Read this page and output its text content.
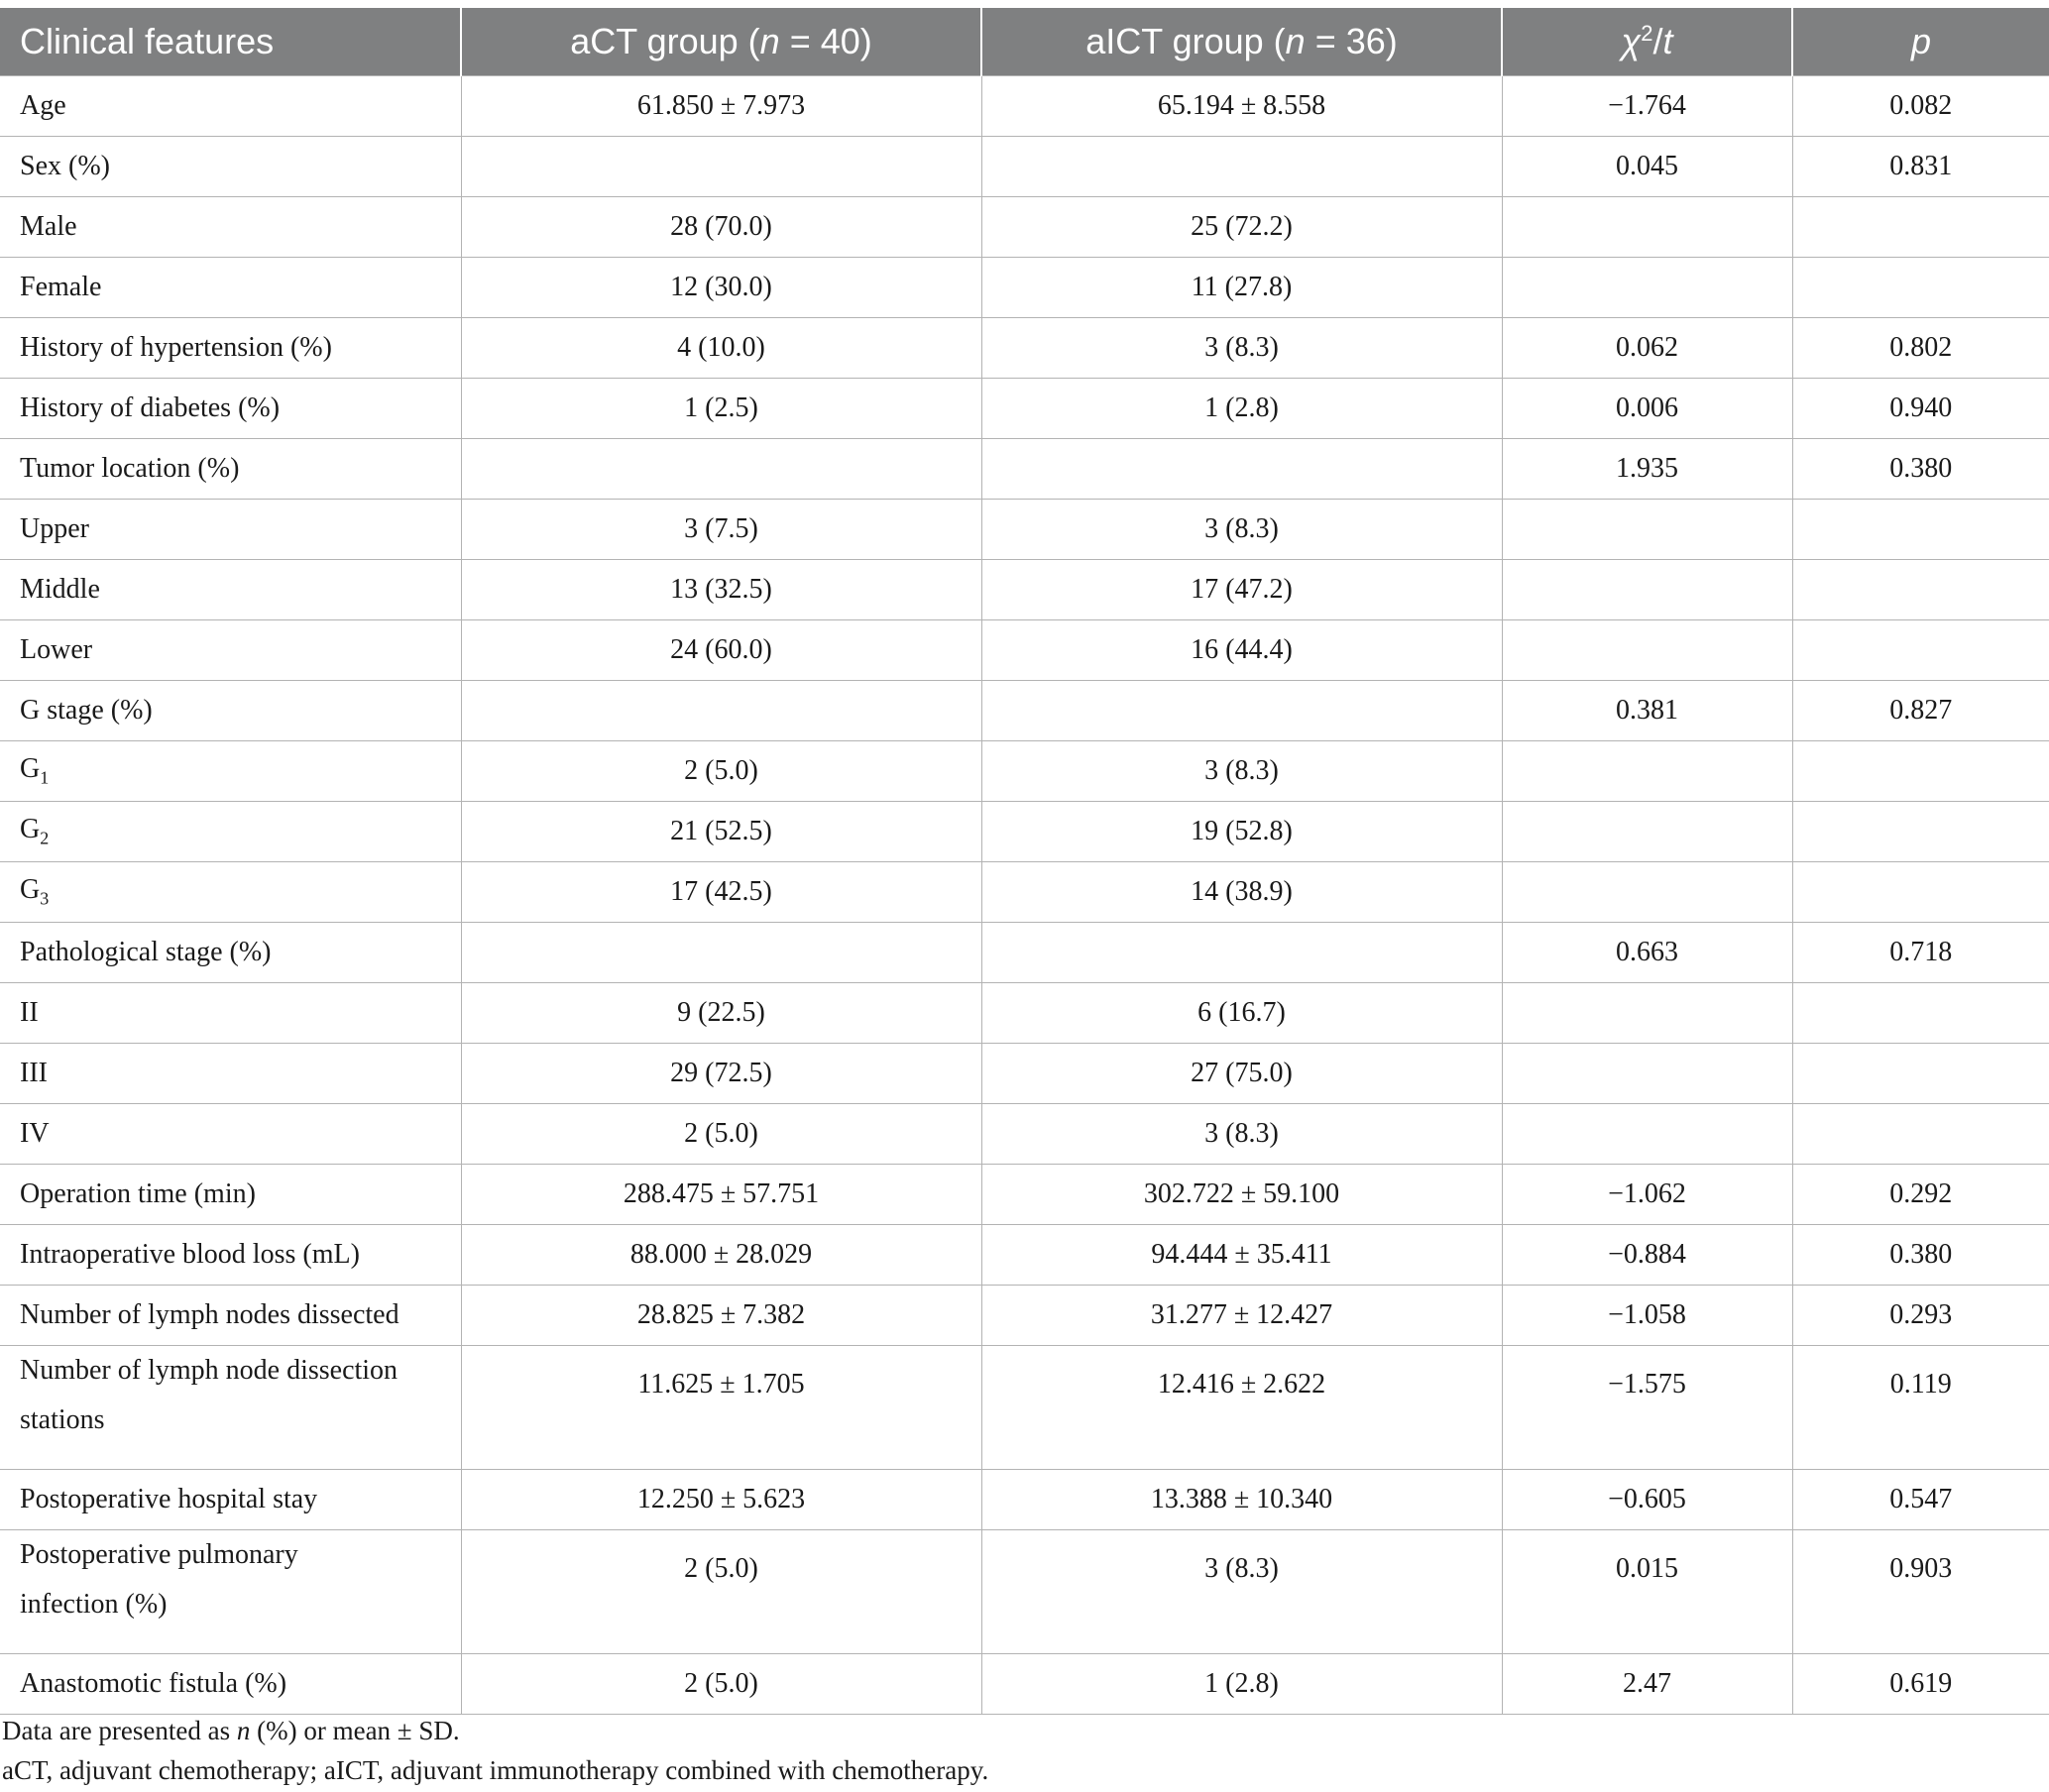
Clinical features	aCT group (n = 40)	aICT group (n = 36)	$\chi^2/t$	p
Age	61.850 ± 7.973	65.194 ± 8.558	−1.764	0.082
Sex (%)			0.045	0.831
Male	28 (70.0)	25 (72.2)		
Female	12 (30.0)	11 (27.8)		
History of hypertension (%)	4 (10.0)	3 (8.3)	0.062	0.802
History of diabetes (%)	1 (2.5)	1 (2.8)	0.006	0.940
Tumor location (%)			1.935	0.380
Upper	3 (7.5)	3 (8.3)		
Middle	13 (32.5)	17 (47.2)		
Lower	24 (60.0)	16 (44.4)		
G stage (%)			0.381	0.827
$G_1$	2 (5.0)	3 (8.3)		
$G_2$	21 (52.5)	19 (52.8)		
$G_3$	17 (42.5)	14 (38.9)		
Pathological stage (%)			0.663	0.718
II	9 (22.5)	6 (16.7)		
III	29 (72.5)	27 (75.0)		
IV	2 (5.0)	3 (8.3)		
Operation time (min)	288.475 ± 57.751	302.722 ± 59.100	−1.062	0.292
Intraoperative blood loss (mL)	88.000 ± 28.029	94.444 ± 35.411	−0.884	0.380
Number of lymph nodes dissected	28.825 ± 7.382	31.277 ± 12.427	−1.058	0.293
Number of lymph node dissection
stations	11.625 ± 1.705	12.416 ± 2.622	−1.575	0.119
Postoperative hospital stay	12.250 ± 5.623	13.388 ± 10.340	−0.605	0.547
Postoperative pulmonary
infection (%)	2 (5.0)	3 (8.3)	0.015	0.903
Anastomotic fistula (%)	2 (5.0)	1 (2.8)	2.47	0.619

Data are presented as n (%) or mean ± SD.

aCT, adjuvant chemotherapy; aICT, adjuvant immunotherapy combined with chemotherapy.
